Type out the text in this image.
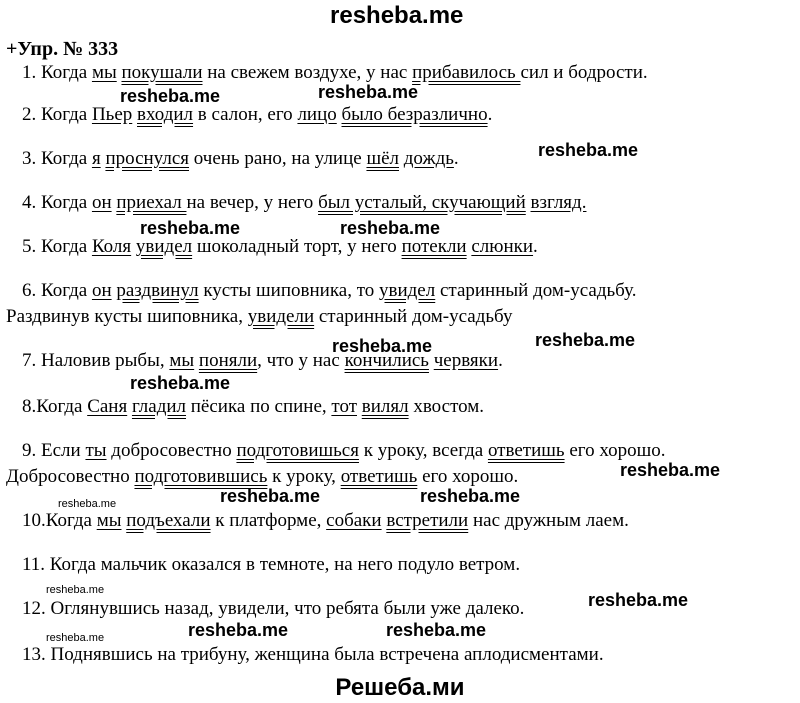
resheba.me
+Упр. № 333
1. Когда мы покушали на свежем воздухе, у нас прибавилось сил и бодрости.
2. Когда Пьер входил в салон, его лицо было безразлично.
3. Когда я проснулся очень рано, на улице шёл дождь.
4. Когда он приехал на вечер, у него был усталый, скучающий взгляд.
5. Когда Коля увидел шоколадный торт, у него потекли слюнки.
6. Когда он раздвинул кусты шиповника, то увидел старинный дом-усадьбу.
Раздвинув кусты шиповника, увидели старинный дом-усадьбу
7. Наловив рыбы, мы поняли, что у нас кончились червяки.
8.Когда Саня гладил пёсика по спине, тот вилял хвостом.
9. Если ты добросовестно подготовишься к уроку, всегда ответишь его хорошо.
Добросовестно подготовившись к уроку, ответишь его хорошо.
10.Когда мы подъехали к платформе, собаки встретили нас дружным лаем.
11. Когда мальчик оказался в темноте, на него подуло ветром.
12. Оглянувшись назад, увидели, что ребята были уже далеко.
13. Поднявшись на трибуну, женщина была встречена аплодисментами.
resheba.me	resheba.me
resheba.me
resheba.me	resheba.me
resheba.me
resheba.me
resheba.me
resheba.me
resheba.me	resheba.me
resheba.me
resheba.me	resheba.me
resheba.me
resheba.me
resheba.me
Решеба.ми
